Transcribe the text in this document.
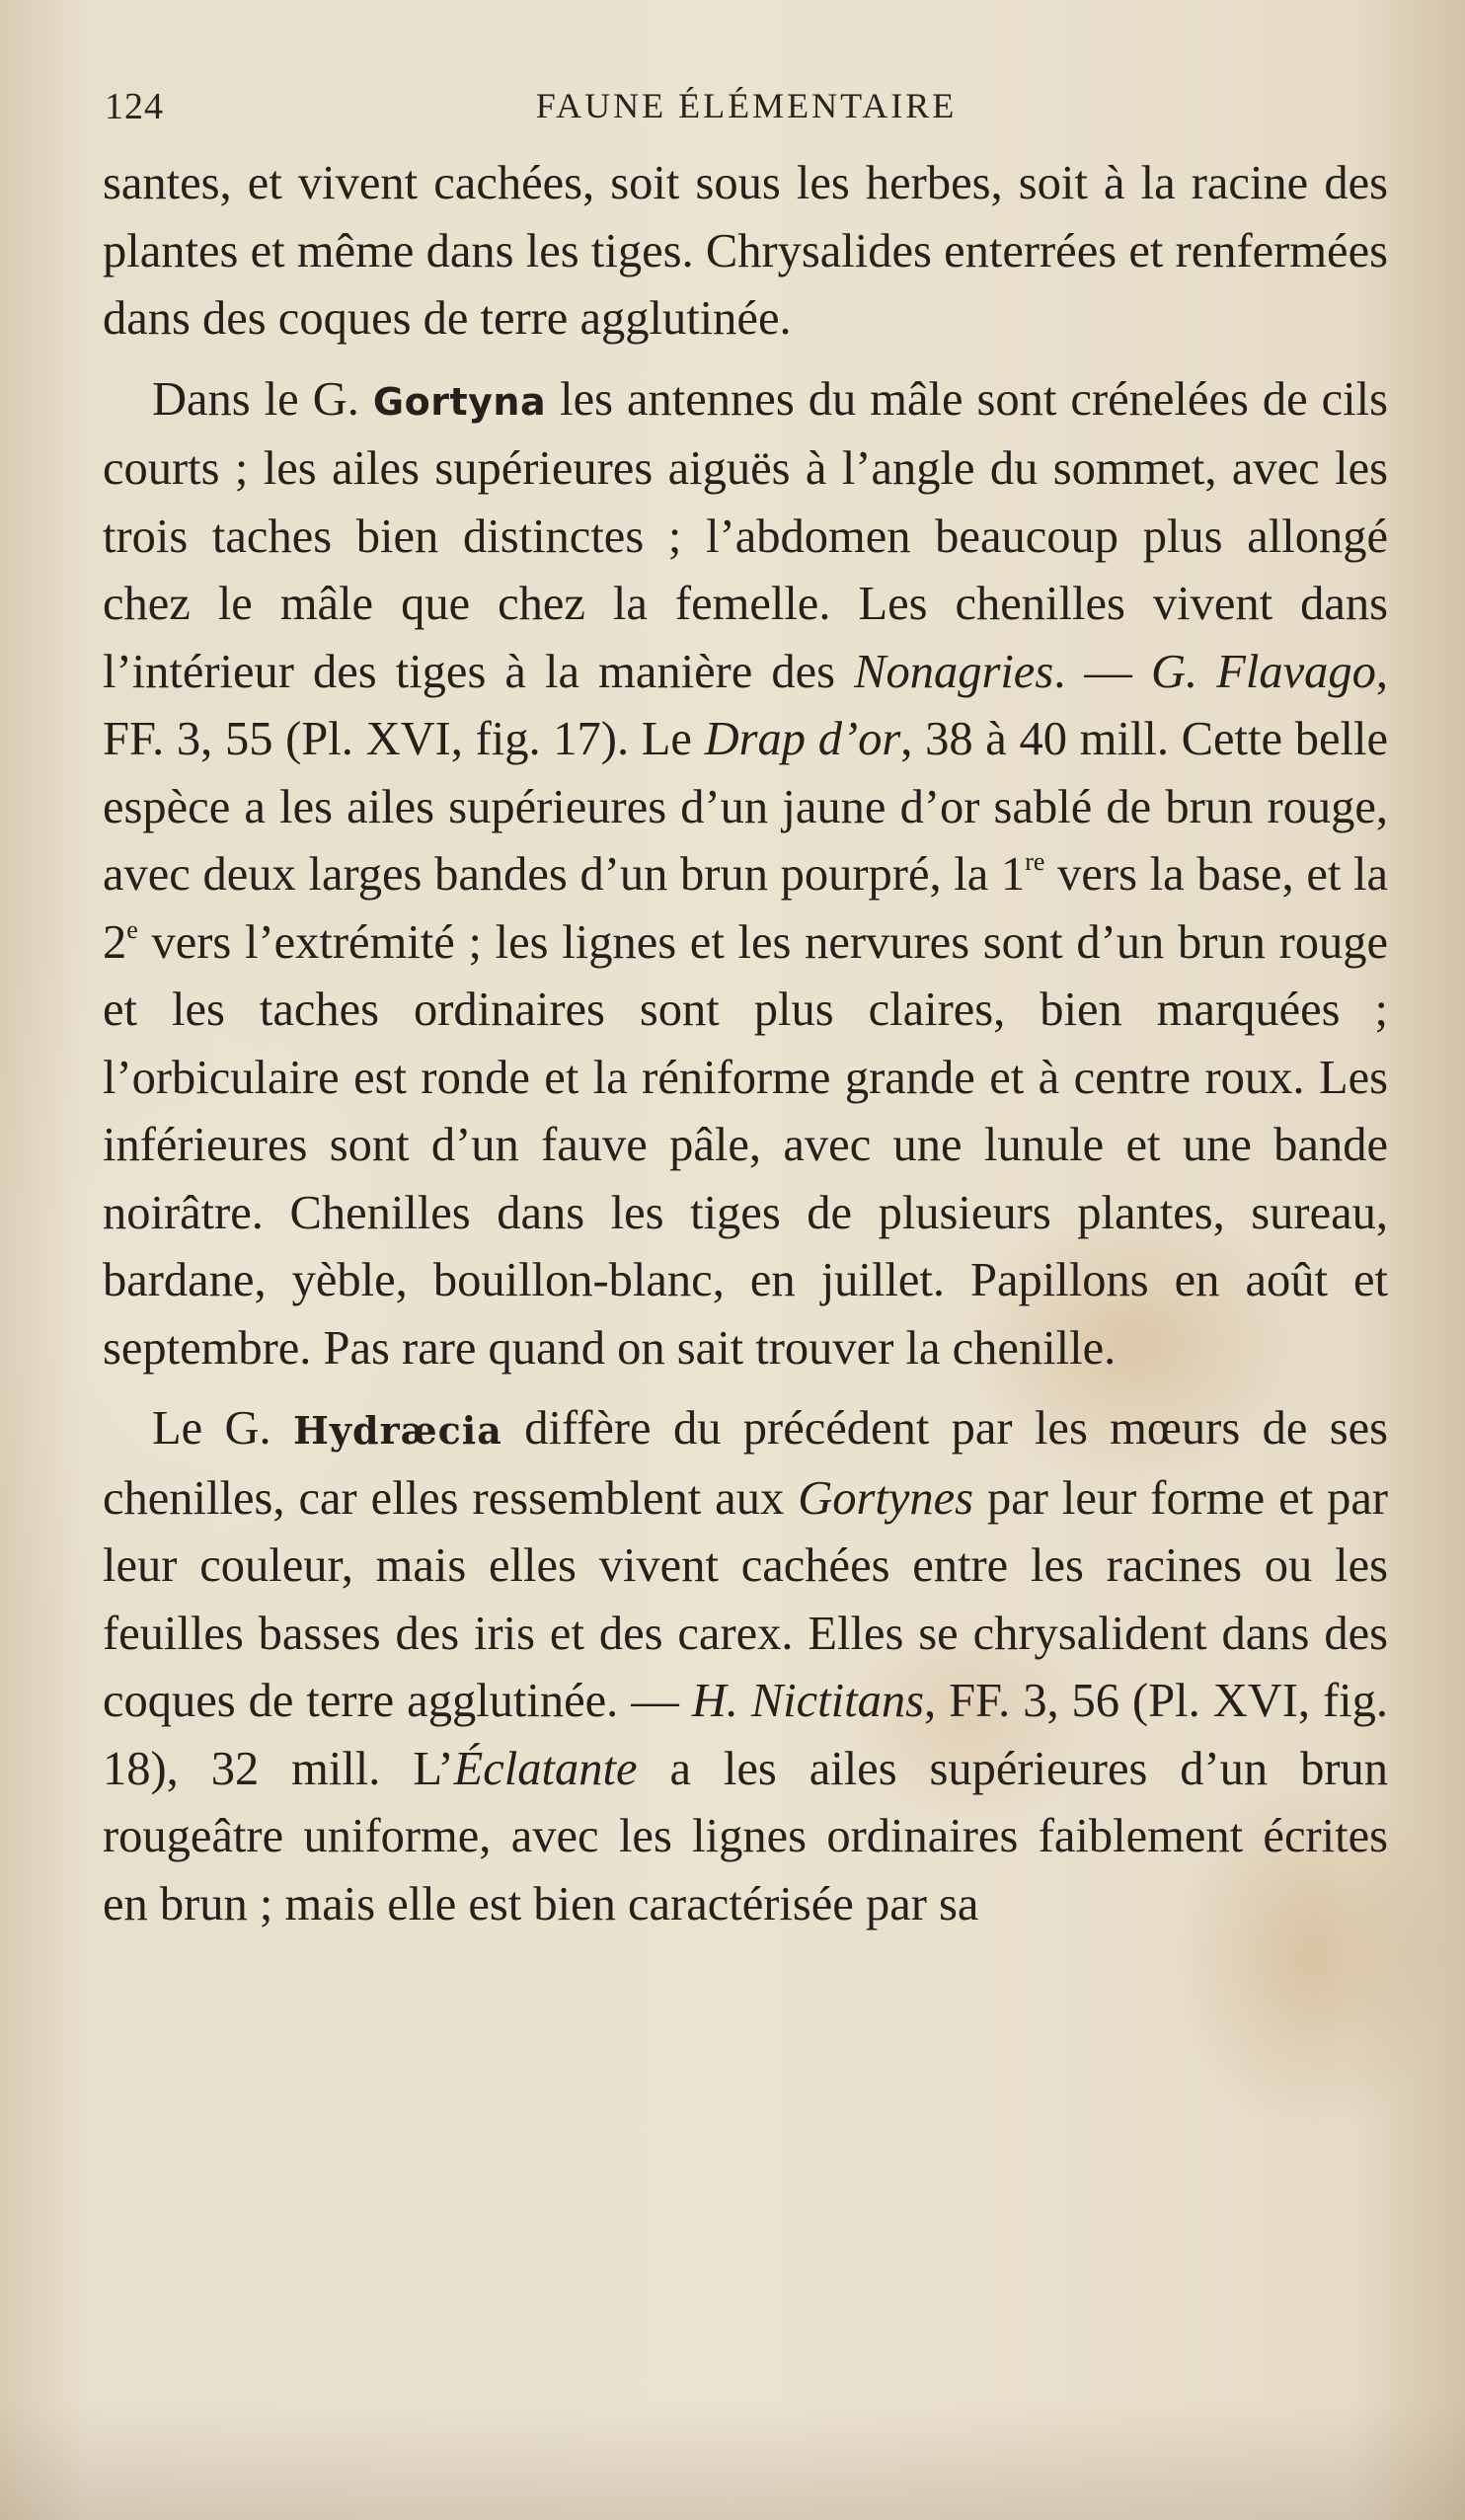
124	FAUNE ÉLÉMENTAIRE

santes, et vivent cachées, soit sous les herbes, soit à la racine des plantes et même dans les tiges. Chrysalides enterrées et renfermées dans des coques de terre agglutinée.

Dans le G. Gortyna les antennes du mâle sont crénelées de cils courts ; les ailes supérieures aiguës à l’angle du sommet, avec les trois taches bien distinctes ; l’abdomen beaucoup plus allongé chez le mâle que chez la femelle. Les chenilles vivent dans l’intérieur des tiges à la manière des Nonagries. — G. Flavago, FF. 3, 55 (Pl. XVI, fig. 17). Le Drap d’or, 38 à 40 mill. Cette belle espèce a les ailes supérieures d’un jaune d’or sablé de brun rouge, avec deux larges bandes d’un brun pourpré, la 1re vers la base, et la 2e vers l’extrémité ; les lignes et les nervures sont d’un brun rouge et les taches ordinaires sont plus claires, bien marquées ; l’orbiculaire est ronde et la réniforme grande et à centre roux. Les inférieures sont d’un fauve pâle, avec une lunule et une bande noirâtre. Chenilles dans les tiges de plusieurs plantes, sureau, bardane, yèble, bouillon-blanc, en juillet. Papillons en août et septembre. Pas rare quand on sait trouver la chenille.

Le G. Hydræcia diffère du précédent par les mœurs de ses chenilles, car elles ressemblent aux Gortynes par leur forme et par leur couleur, mais elles vivent cachées entre les racines ou les feuilles basses des iris et des carex. Elles se chrysalident dans des coques de terre agglutinée. — H. Nictitans, FF. 3, 56 (Pl. XVI, fig. 18), 32 mill. L’Éclatante a les ailes supérieures d’un brun rougeâtre uniforme, avec les lignes ordinaires faiblement écrites en brun ; mais elle est bien caractérisée par sa
